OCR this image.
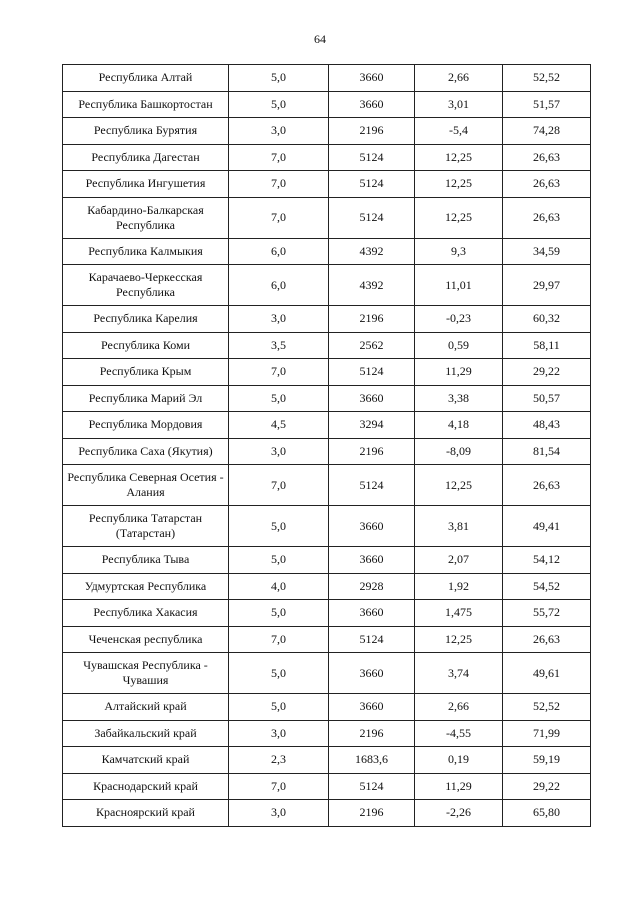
64
Республика Алтай	5,0	3660	2,66	52,52
Республика Башкортостан	5,0	3660	3,01	51,57
Республика Бурятия	3,0	2196	-5,4	74,28
Республика Дагестан	7,0	5124	12,25	26,63
Республика Ингушетия	7,0	5124	12,25	26,63
Кабардино-Балкарская Республика	7,0	5124	12,25	26,63
Республика Калмыкия	6,0	4392	9,3	34,59
Карачаево-Черкесская Республика	6,0	4392	11,01	29,97
Республика Карелия	3,0	2196	-0,23	60,32
Республика Коми	3,5	2562	0,59	58,11
Республика Крым	7,0	5124	11,29	29,22
Республика Марий Эл	5,0	3660	3,38	50,57
Республика Мордовия	4,5	3294	4,18	48,43
Республика Саха (Якутия)	3,0	2196	-8,09	81,54
Республика Северная Осетия - Алания	7,0	5124	12,25	26,63
Республика Татарстан (Татарстан)	5,0	3660	3,81	49,41
Республика Тыва	5,0	3660	2,07	54,12
Удмуртская Республика	4,0	2928	1,92	54,52
Республика Хакасия	5,0	3660	1,475	55,72
Чеченская республика	7,0	5124	12,25	26,63
Чувашская Республика - Чувашия	5,0	3660	3,74	49,61
Алтайский край	5,0	3660	2,66	52,52
Забайкальский край	3,0	2196	-4,55	71,99
Камчатский край	2,3	1683,6	0,19	59,19
Краснодарский край	7,0	5124	11,29	29,22
Красноярский край	3,0	2196	-2,26	65,80
